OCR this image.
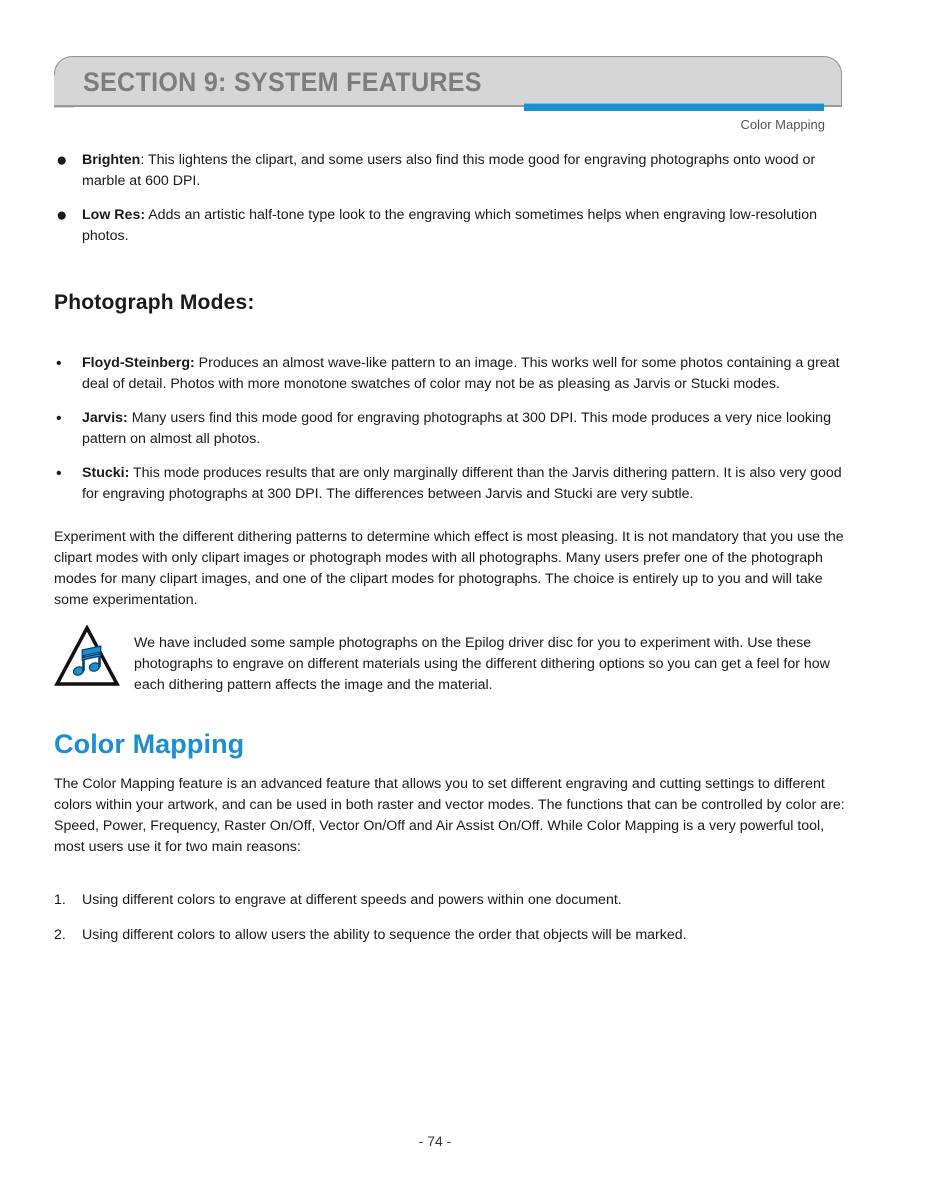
SECTION 9: SYSTEM FEATURES
Color Mapping
● Brighten: This lightens the clipart, and some users also find this mode good for engraving photographs onto wood or marble at 600 DPI.
● Low Res: Adds an artistic half-tone type look to the engraving which sometimes helps when engraving low-resolution photos.
Photograph Modes:
• Floyd-Steinberg: Produces an almost wave-like pattern to an image. This works well for some photos containing a great deal of detail. Photos with more monotone swatches of color may not be as pleasing as Jarvis or Stucki modes.
• Jarvis: Many users find this mode good for engraving photographs at 300 DPI. This mode produces a very nice looking pattern on almost all photos.
• Stucki: This mode produces results that are only marginally different than the Jarvis dithering pattern. It is also very good for engraving photographs at 300 DPI. The differences between Jarvis and Stucki are very subtle.

Experiment with the different dithering patterns to determine which effect is most pleasing. It is not mandatory that you use the clipart modes with only clipart images or photograph modes with all photographs. Many users prefer one of the photograph modes for many clipart images, and one of the clipart modes for photographs. The choice is entirely up to you and will take some experimentation.

We have included some sample photographs on the Epilog driver disc for you to experiment with. Use these photographs to engrave on different materials using the different dithering options so you can get a feel for how each dithering pattern affects the image and the material.

Color Mapping

The Color Mapping feature is an advanced feature that allows you to set different engraving and cutting settings to different colors within your artwork, and can be used in both raster and vector modes. The functions that can be controlled by color are: Speed, Power, Frequency, Raster On/Off, Vector On/Off and Air Assist On/Off. While Color Mapping is a very powerful tool, most users use it for two main reasons:

1. Using different colors to engrave at different speeds and powers within one document.
2. Using different colors to allow users the ability to sequence the order that objects will be marked.
- 74 -
